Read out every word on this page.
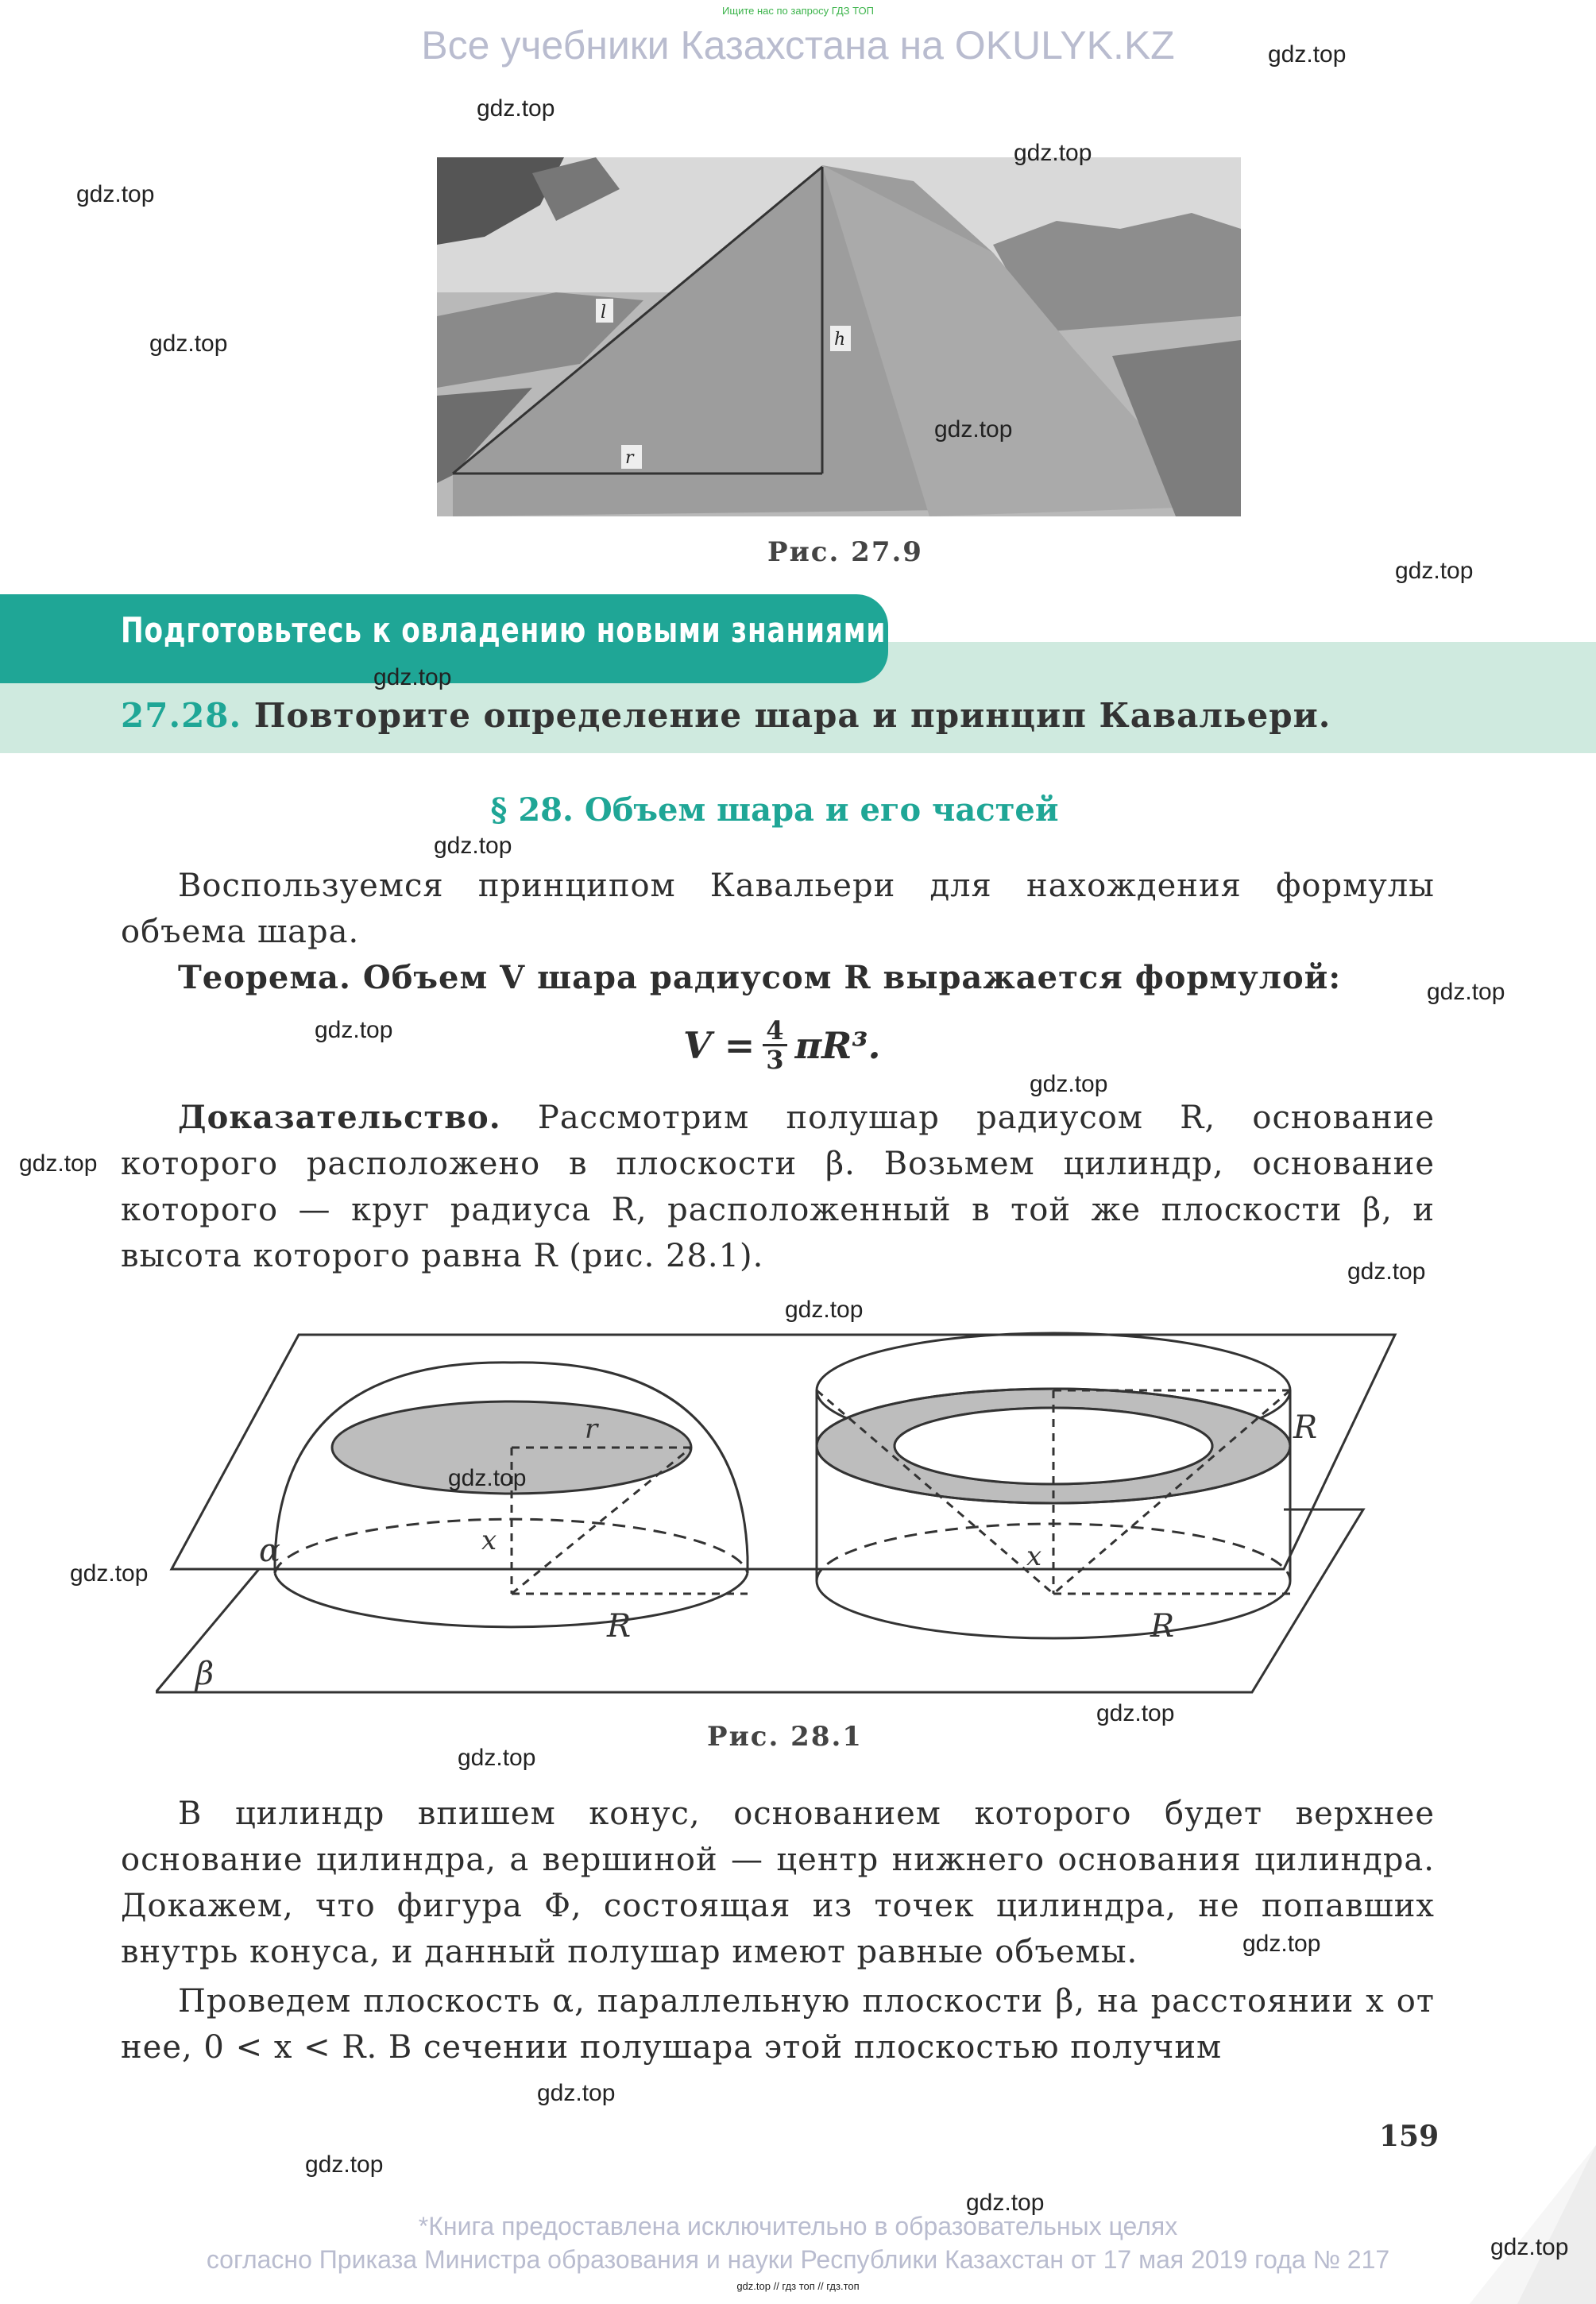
Ищите нас по запросу ГДЗ ТОП
Все учебники Казахстана на OKULYK.KZ
l
h
r
Рис. 27.9
Подготовьтесь к овладению новыми знаниями
27.28. Повторите определение шара и принцип Кавальери.
§ 28. Объем шара и его частей

Воспользуемся принципом Кавальери для нахождения формулы объема шара.

Теорема. Объем V шара радиусом R выражается формулой:

$V = \frac{4}{3} \pi R^3$.

Доказательство. Рассмотрим полушар радиусом R, основание которого расположено в плоскости β. Возьмем цилиндр, основание которого — круг радиуса R, расположенный в той же плоскости β, и высота которого равна R (рис. 28.1).

α
β
r
x
R
x
R
R
Рис. 28.1

В цилиндр впишем конус, основанием которого будет верхнее основание цилиндра, а вершиной — центр нижнего основания цилиндра. Докажем, что фигура Φ, состоящая из точек цилиндра, не попавших внутрь конуса, и данный полушар имеют равные объемы.

Проведем плоскость α, параллельную плоскости β, на расстоянии x от нее, 0 < x < R. В сечении полушара этой плоскостью получим

159
*Книга предоставлена исключительно в образовательных целях
согласно Приказа Министра образования и науки Республики Казахстан от 17 мая 2019 года № 217
gdz.top // гдз топ // гдз.топ
gdz.top
gdz.top
gdz.top
gdz.top
gdz.top
gdz.top
gdz.top
gdz.top
gdz.top
gdz.top
gdz.top
gdz.top
gdz.top
gdz.top
gdz.top
gdz.top
gdz.top
gdz.top
gdz.top
gdz.top
gdz.top
gdz.top
gdz.top
gdz.top
